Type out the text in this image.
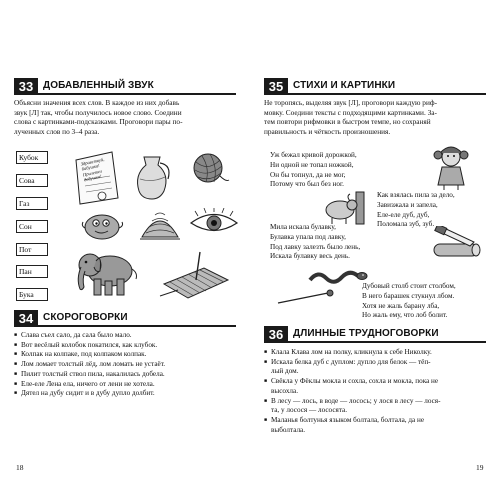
33 ДОБАВЛЕННЫЙ ЗВУК
Объясни значения всех слов. В каждое из них добавь
звук [Л] так, чтобы получилось новое слово. Соедини
слова с картинками-подсказками. Проговори пары по-
лученных слов по 3–4 раза.
Кубок
Сова
Газ
Сон
Пот
Пан
Бука
Здравствуй, бабушка! Прилетел дедушка!
34 СКОРОГОВОРКИ
■ Слава съел сало, да сала было мало.
■ Вот весёлый колобок покатился, как клубок.
■ Колпак на колпаке, под колпаком колпак.
■ Лом ломает толстый лёд, лом ломать не устаёт.
■ Пилит толстый ствол пила, накалилась добела.
■ Еле-еле Лена ела, ничего от лени не хотела.
■ Дятел на дубу сидит и в дубу дупло долбит.
18
35 СТИХИ И КАРТИНКИ
Не торопясь, выделяя звук [Л], проговори каждую риф-
мовку. Соедини тексты с подходящими картинками. За-
тем повтори рифмовки в быстром темпе, но сохраняй
правильность и чёткость произношения.
Уж бежал кривой дорожкой,
Ни одной не топал ножкой,
Он бы топнул, да не мог,
Потому что был без ног.
Как взялась пила за дело,
Завизжала и запела,
Еле-еле дуб, дуб,
Поломала зуб, зуб.
Мила искала булавку,
Булавка упала под лавку,
Под лавку залезть было лень,
Искала булавку весь день.
Дубовый столб стоит столбом,
В него барашек стукнул лбом.
Хотя не жаль барану лба,
Но жаль ему, что лоб болит.
36 ДЛИННЫЕ ТРУДНОГОВОРКИ
■ Клала Клава лом на полку, кликнула к себе Николку.
■ Искала белка дуб с дуплом: дупло для белок — тёп-
лый дом.
■ Свёкла у Фёклы мокла и сохла, сохла и мокла, пока не
высохла.
■ В лесу — лось, в воде — лосось; у лося в лесу — лося-
та, у лосося — лососята.
■ Маланья болтунья языком болтала, болтала, да не
выболтала.
19
